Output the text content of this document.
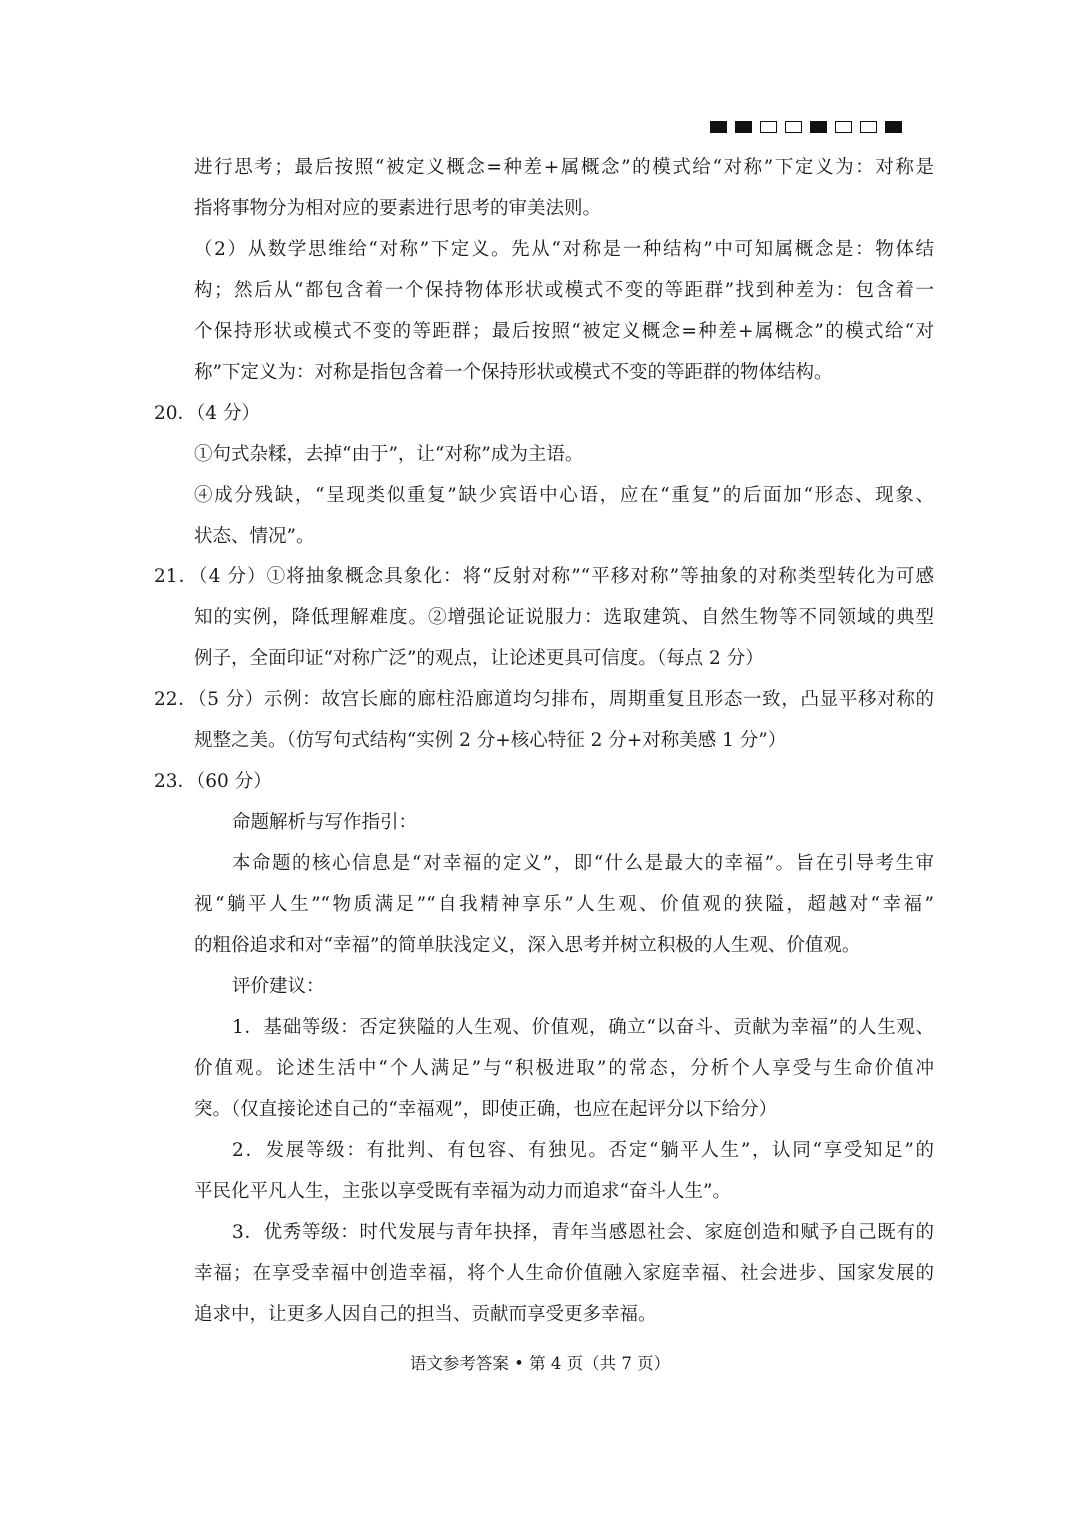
进行思考；最后按照“被定义概念=种差+属概念”的模式给“对称”下定义为：对称是
指将事物分为相对应的要素进行思考的审美法则。
（2）从数学思维给“对称”下定义。先从“对称是一种结构”中可知属概念是：物体结
构；然后从“都包含着一个保持物体形状或模式不变的等距群”找到种差为：包含着一
个保持形状或模式不变的等距群；最后按照“被定义概念=种差+属概念”的模式给“对
称”下定义为：对称是指包含着一个保持形状或模式不变的等距群的物体结构。
20．（4 分）
①句式杂糅，去掉“由于”，让“对称”成为主语。
④成分残缺，“呈现类似重复”缺少宾语中心语，应在“重复”的后面加“形态、现象、
状态、情况”。
21．（4 分）①将抽象概念具象化：将“反射对称”“平移对称”等抽象的对称类型转化为可感
知的实例，降低理解难度。②增强论证说服力：选取建筑、自然生物等不同领域的典型
例子，全面印证“对称广泛”的观点，让论述更具可信度。（每点 2 分）
22．（5 分）示例：故宫长廊的廊柱沿廊道均匀排布，周期重复且形态一致，凸显平移对称的
规整之美。（仿写句式结构“实例 2 分+核心特征 2 分+对称美感 1 分”）
23．（60 分）
命题解析与写作指引：
本命题的核心信息是“对幸福的定义”，即“什么是最大的幸福”。旨在引导考生审
视“躺平人生”“物质满足”“自我精神享乐”人生观、价值观的狭隘，超越对“幸福”
的粗俗追求和对“幸福”的简单肤浅定义，深入思考并树立积极的人生观、价值观。
评价建议：
1．基础等级：否定狭隘的人生观、价值观，确立“以奋斗、贡献为幸福”的人生观、
价值观。论述生活中“个人满足”与“积极进取”的常态，分析个人享受与生命价值冲
突。（仅直接论述自己的“幸福观”，即使正确，也应在起评分以下给分）
2．发展等级：有批判、有包容、有独见。否定“躺平人生”，认同“享受知足”的
平民化平凡人生，主张以享受既有幸福为动力而追求“奋斗人生”。
3．优秀等级：时代发展与青年抉择，青年当感恩社会、家庭创造和赋予自己既有的
幸福；在享受幸福中创造幸福，将个人生命价值融入家庭幸福、社会进步、国家发展的
追求中，让更多人因自己的担当、贡献而享受更多幸福。
语文参考答案 • 第 4 页（共 7 页）
